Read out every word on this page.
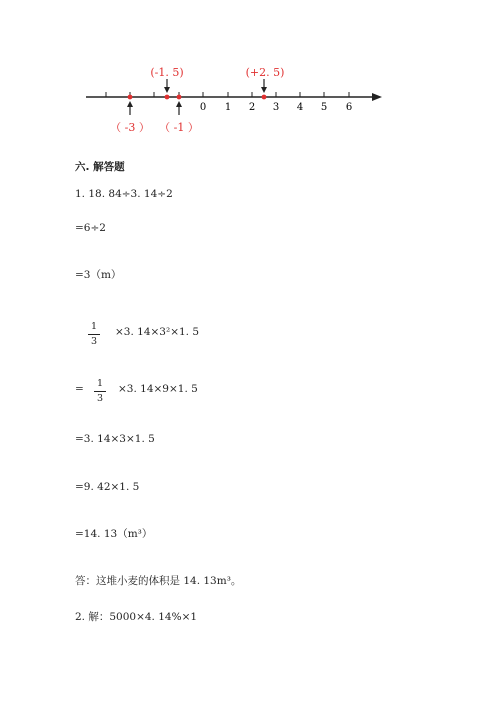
0 1 2 3 4 5 6
(-1. 5)	(+2. 5)
（ -3 ） （ -1 ）
六. 解答题
1. 18. 84÷3. 14÷2
=6÷2
=3（m）
1
3
×3. 14×3²×1. 5
=	1
3
×3. 14×9×1. 5
=3. 14×3×1. 5
=9. 42×1. 5
=14. 13（m³）
答：这堆小麦的体积是 14. 13m³。
2. 解：5000×4. 14%×1
